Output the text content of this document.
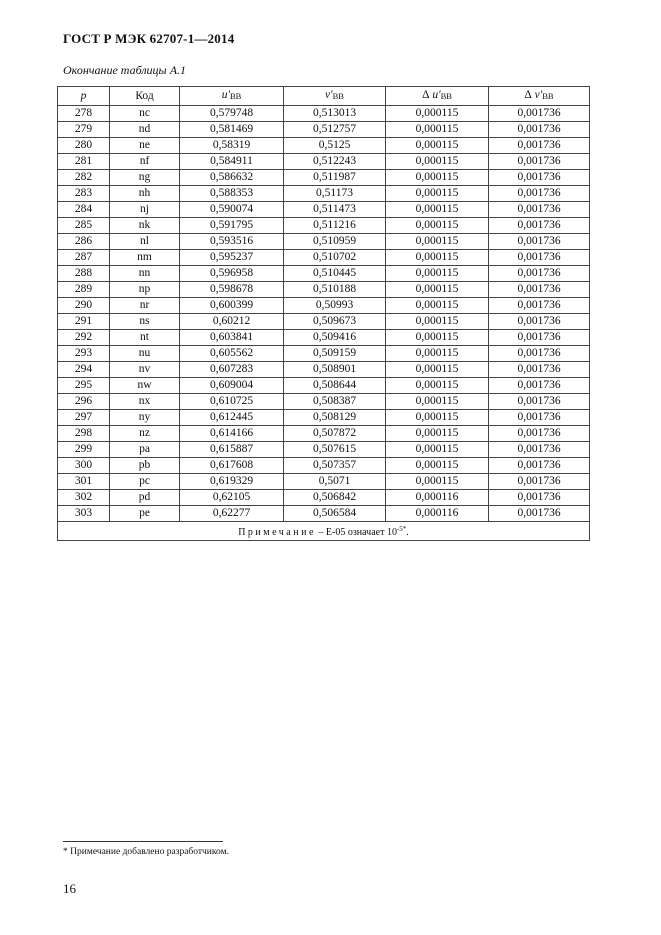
ГОСТ Р МЭК 62707-1—2014
Окончание таблицы А.1
p	Код	u'BB	v'BB	Δ u'BB	Δ v'BB
278	nc	0,579748	0,513013	0,000115	0,001736
279	nd	0,581469	0,512757	0,000115	0,001736
280	ne	0,58319	0,5125	0,000115	0,001736
281	nf	0,584911	0,512243	0,000115	0,001736
282	ng	0,586632	0,511987	0,000115	0,001736
283	nh	0,588353	0,51173	0,000115	0,001736
284	nj	0,590074	0,511473	0,000115	0,001736
285	nk	0,591795	0,511216	0,000115	0,001736
286	nl	0,593516	0,510959	0,000115	0,001736
287	nm	0,595237	0,510702	0,000115	0,001736
288	nn	0,596958	0,510445	0,000115	0,001736
289	np	0,598678	0,510188	0,000115	0,001736
290	nr	0,600399	0,50993	0,000115	0,001736
291	ns	0,60212	0,509673	0,000115	0,001736
292	nt	0,603841	0,509416	0,000115	0,001736
293	nu	0,605562	0,509159	0,000115	0,001736
294	nv	0,607283	0,508901	0,000115	0,001736
295	nw	0,609004	0,508644	0,000115	0,001736
296	nx	0,610725	0,508387	0,000115	0,001736
297	ny	0,612445	0,508129	0,000115	0,001736
298	nz	0,614166	0,507872	0,000115	0,001736
299	pa	0,615887	0,507615	0,000115	0,001736
300	pb	0,617608	0,507357	0,000115	0,001736
301	pc	0,619329	0,5071	0,000115	0,001736
302	pd	0,62105	0,506842	0,000116	0,001736
303	pe	0,62277	0,506584	0,000116	0,001736
Примечание – Е-05 означает $10^{-5*}$.					
* Примечание добавлено разработчиком.
16
